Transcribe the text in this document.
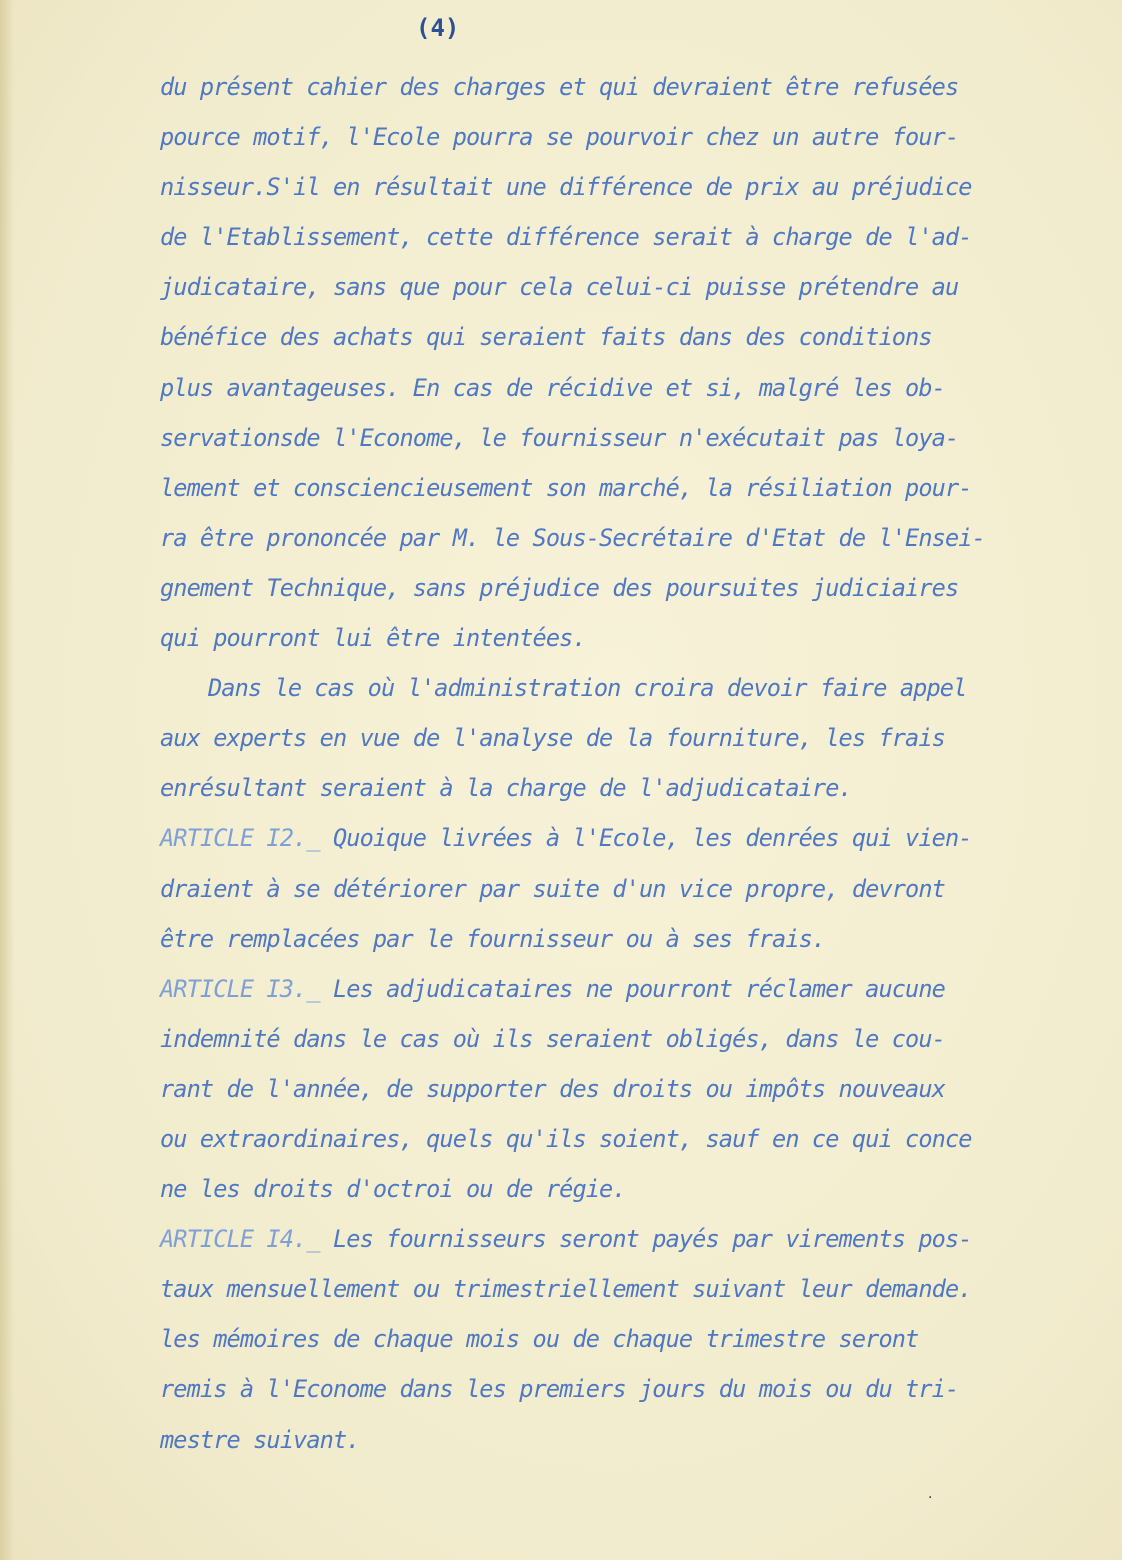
(4)
du présent cahier des charges et qui devraient être refusées
pource motif, l'Ecole pourra se pourvoir chez un autre four-
nisseur.S'il en résultait une différence de prix au préjudice
de l'Etablissement, cette différence serait à charge de l'ad-
judicataire, sans que pour cela celui-ci puisse prétendre au
bénéfice des achats qui seraient faits dans des conditions
plus avantageuses. En cas de récidive et si, malgré les ob-
servationsde l'Econome, le fournisseur n'exécutait pas loya-
lement et consciencieusement son marché, la résiliation pour-
ra être prononcée par M. le Sous-Secrétaire d'Etat de l'Ensei-
gnement Technique, sans préjudice des poursuites judiciaires
qui pourront lui être intentées.
Dans le cas où l'administration croira devoir faire appel
aux experts en vue de l'analyse de la fourniture, les frais
enrésultant seraient à la charge de l'adjudicataire.
ARTICLE I2._ Quoique livrées à l'Ecole, les denrées qui vien-
draient à se détériorer par suite d'un vice propre, devront
être remplacées par le fournisseur ou à ses frais.
ARTICLE I3._ Les adjudicataires ne pourront réclamer aucune
indemnité dans le cas où ils seraient obligés, dans le cou-
rant de l'année, de supporter des droits ou impôts nouveaux
ou extraordinaires, quels qu'ils soient, sauf en ce qui conce
ne les droits d'octroi ou de régie.
ARTICLE I4._ Les fournisseurs seront payés par virements pos-
taux mensuellement ou trimestriellement suivant leur demande.
les mémoires de chaque mois ou de chaque trimestre seront
remis à l'Econome dans les premiers jours du mois ou du tri-
mestre suivant.
·
